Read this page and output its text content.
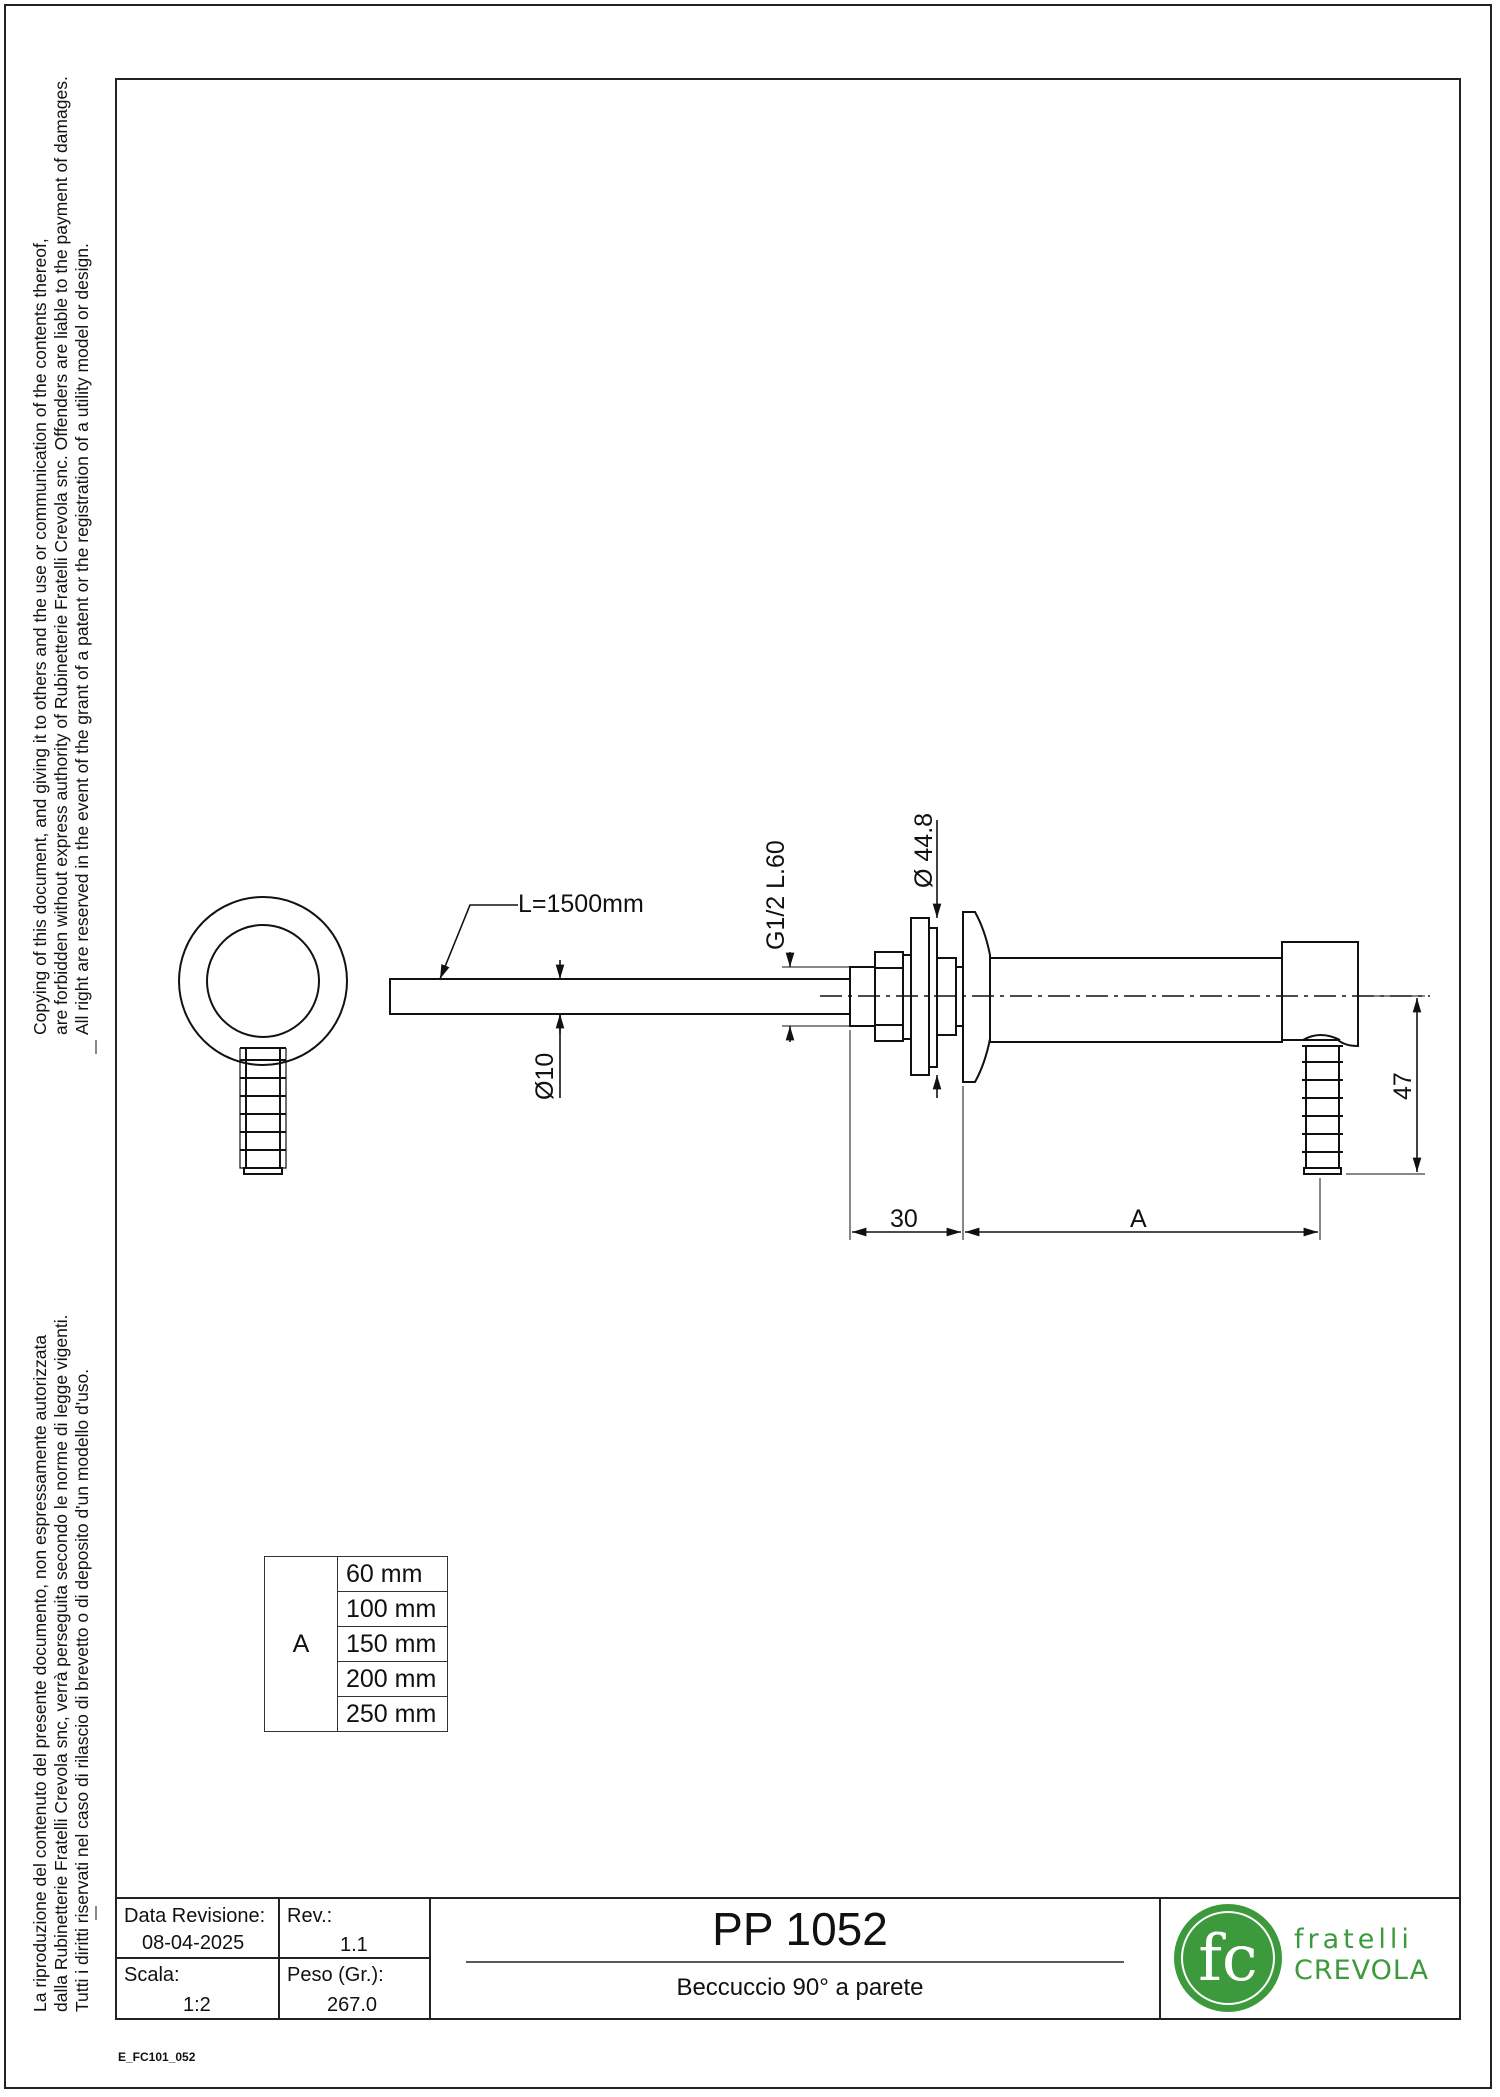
Copying of this document, and giving it to others and the use or communication of the contents thereof, are forbidden without express authority of Rubinetterie Fratelli Crevola snc. Offenders are liable to the payment of damages. All right are reserved in the event of the grant of a patent or the registration of a utility model or design.
La riproduzione del contenuto del presente documento, non espressamente autorizzata dalla Rubinetterie Fratelli Crevola snc, verrà perseguita secondo le norme di legge vigenti. Tutti i diritti riservati nel caso di rilascio di brevetto o di deposito d'un modello d'uso.
L=1500mm
Ø10
G1/2 L.60	Ø 44.8
30	A
47
fc
A	60 mm
100 mm
150 mm
200 mm
250 mm
Data Revisione:
08-04-2025
Rev.:
1.1
Scala:
1:2
Peso (Gr.):
267.0
PP 1052
Beccuccio 90° a parete
fratelli
CREVOLA
E_FC101_052
